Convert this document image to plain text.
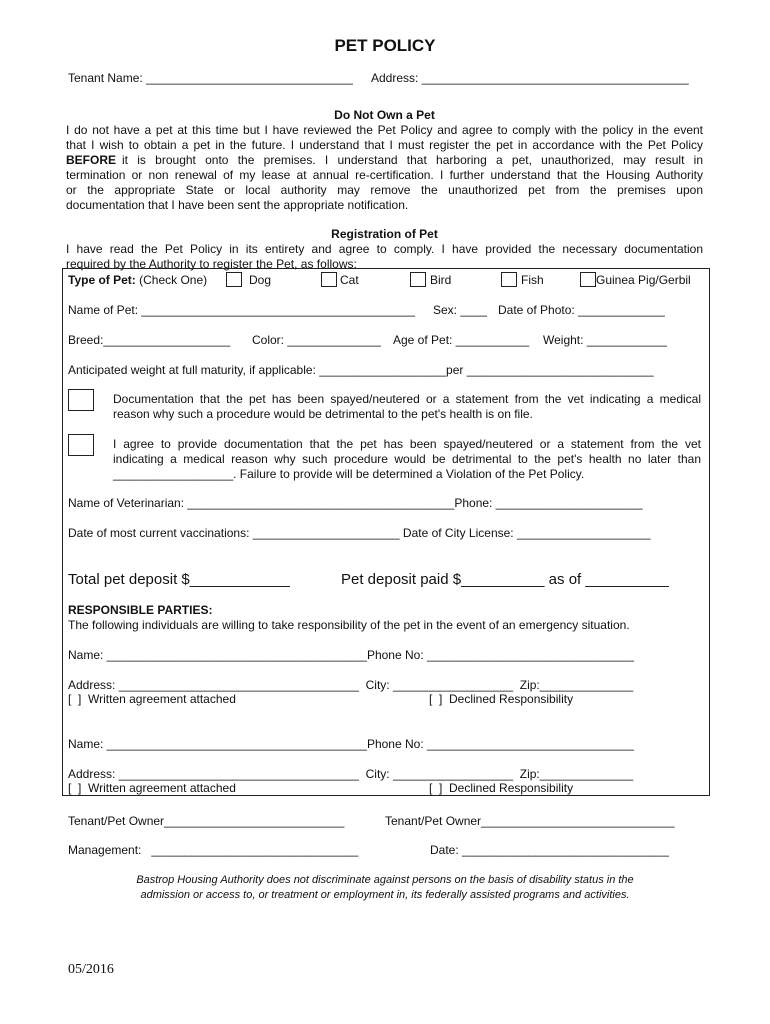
PET POLICY
Tenant Name: _______________________________ Address: ________________________________________
Do Not Own a Pet
I do not have a pet at this time but I have reviewed the Pet Policy and agree to comply with the policy in the event
that I wish to obtain a pet in the future. I understand that I must register the pet in accordance with the Pet Policy
BEFORE it is brought onto the premises. I understand that harboring a pet, unauthorized, may result in
termination or non renewal of my lease at annual re-certification. I further understand that the Housing Authority
or the appropriate State or local authority may remove the unauthorized pet from the premises upon
documentation that I have been sent the appropriate notification.
Registration of Pet
I have read the Pet Policy in its entirety and agree to comply. I have provided the necessary documentation
required by the Authority to register the Pet, as follows:
Type of Pet: (Check One)	Dog	Cat	Bird	Fish	Guinea Pig/Gerbil
Name of Pet: _________________________________________ Sex: ____ Date of Photo: _____________
Breed:___________________ Color: ______________ Age of Pet: ___________ Weight: ____________
Anticipated weight at full maturity, if applicable: ___________________per ____________________________
Documentation that the pet has been spayed/neutered or a statement from the vet indicating a medical
reason why such a procedure would be detrimental to the pet's health is on file.
I agree to provide documentation that the pet has been spayed/neutered or a statement from the vet
indicating a medical reason why such procedure would be detrimental to the pet's health no later than
__________________. Failure to provide will be determined a Violation of the Pet Policy.
Name of Veterinarian: ________________________________________Phone: ______________________
Date of most current vaccinations: ______________________ Date of City License: ____________________
Total pet deposit $____________	Pet deposit paid $__________ as of __________
RESPONSIBLE PARTIES:
The following individuals are willing to take responsibility of the pet in the event of an emergency situation.
Name: _______________________________________Phone No: _______________________________
Address: ____________________________________  City: __________________  Zip:______________
[  ]  Written agreement attached	[  ]  Declined Responsibility
Name: _______________________________________Phone No: _______________________________
Address: ____________________________________  City: __________________  Zip:______________
[  ]  Written agreement attached	[  ]  Declined Responsibility
Tenant/Pet Owner___________________________	Tenant/Pet Owner_____________________________
Management:   _______________________________	Date: _______________________________
Bastrop Housing Authority does not discriminate against persons on the basis of disability status in the
admission or access to, or treatment or employment in, its federally assisted programs and activities.
05/2016
